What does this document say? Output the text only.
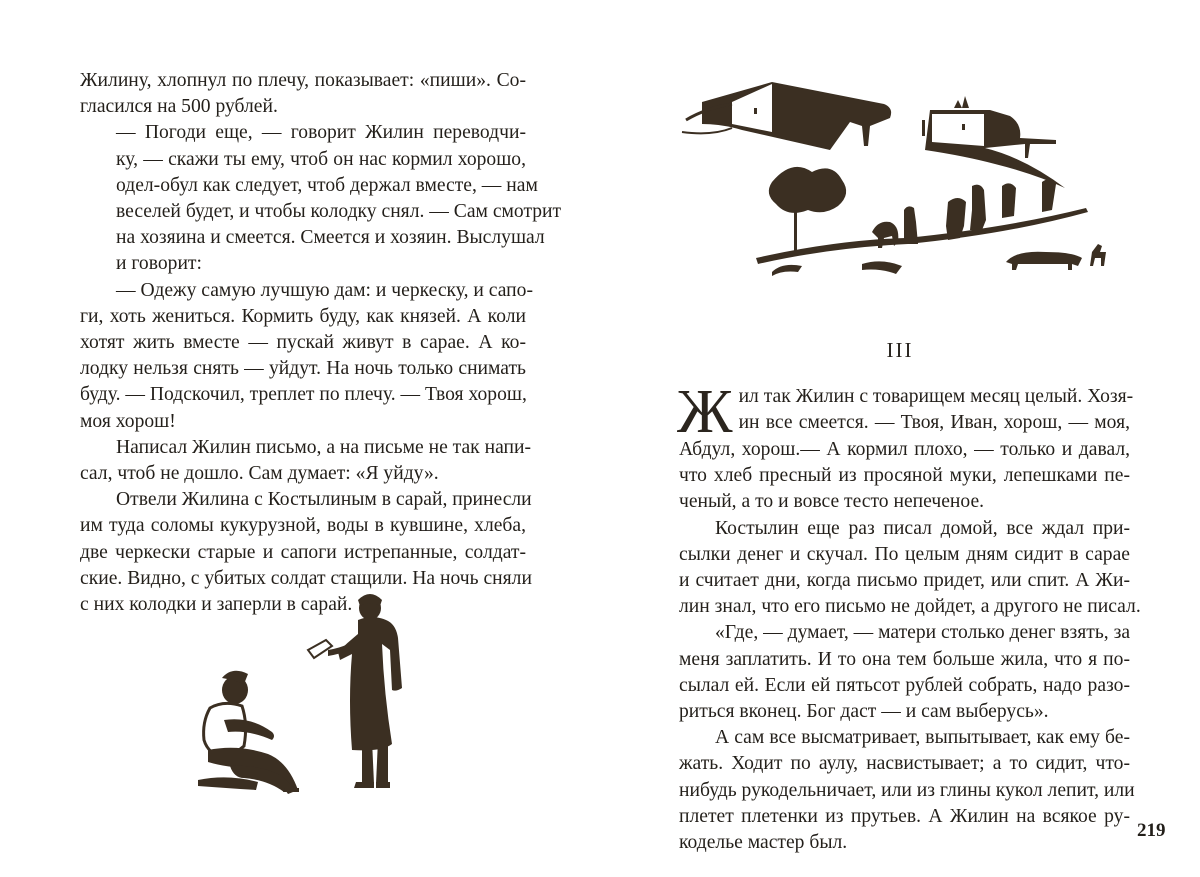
Жилину, хлопнул по плечу, показывает: «пиши». Со-
гласился на 500 рублей.

— Погоди еще, — говорит Жилин переводчи-
ку, — скажи ты ему, чтоб он нас кормил хорошо,
одел-обул как следует, чтоб держал вместе, — нам
веселей будет, и чтобы колодку снял. — Сам смотрит
на хозяина и смеется. Смеется и хозяин. Выслушал
и говорит:

— Одежу самую лучшую дам: и черкеску, и сапо-
ги, хоть жениться. Кормить буду, как князей. А коли
хотят жить вместе — пускай живут в сарае. А ко-
лодку нельзя снять — уйдут. На ночь только снимать
буду. — Подскочил, треплет по плечу. — Твоя хорош,
моя хорош!

Написал Жилин письмо, а на письме не так напи-
сал, чтоб не дошло. Сам думает: «Я уйду».

Отвели Жилина с Костылиным в сарай, принесли
им туда соломы кукурузной, воды в кувшине, хлеба,
две черкески старые и сапоги истрепанные, солдат-
ские. Видно, с убитых солдат стащили. На ночь сняли
с них колодки и заперли в сарай.

III

Ж ил так Жилин с товарищем месяц целый. Хозя-
ин все смеется. — Твоя, Иван, хорош, — моя,
Абдул, хорош.— А кормил плохо, — только и давал,
что хлеб пресный из просяной муки, лепешками пе-
ченый, а то и вовсе тесто непеченое.

Костылин еще раз писал домой, все ждал при-
сылки денег и скучал. По целым дням сидит в сарае
и считает дни, когда письмо придет, или спит. А Жи-
лин знал, что его письмо не дойдет, а другого не писал.

«Где, — думает, — матери столько денег взять, за
меня заплатить. И то она тем больше жила, что я по-
сылал ей. Если ей пятьсот рублей собрать, надо разо-
риться вконец. Бог даст — и сам выберусь».

А сам все высматривает, выпытывает, как ему бе-
жать. Ходит по аулу, насвистывает; а то сидит, что-
нибудь рукодельничает, или из глины кукол лепит, или
плетет плетенки из прутьев. А Жилин на всякое ру-
коделье мастер был.

219
